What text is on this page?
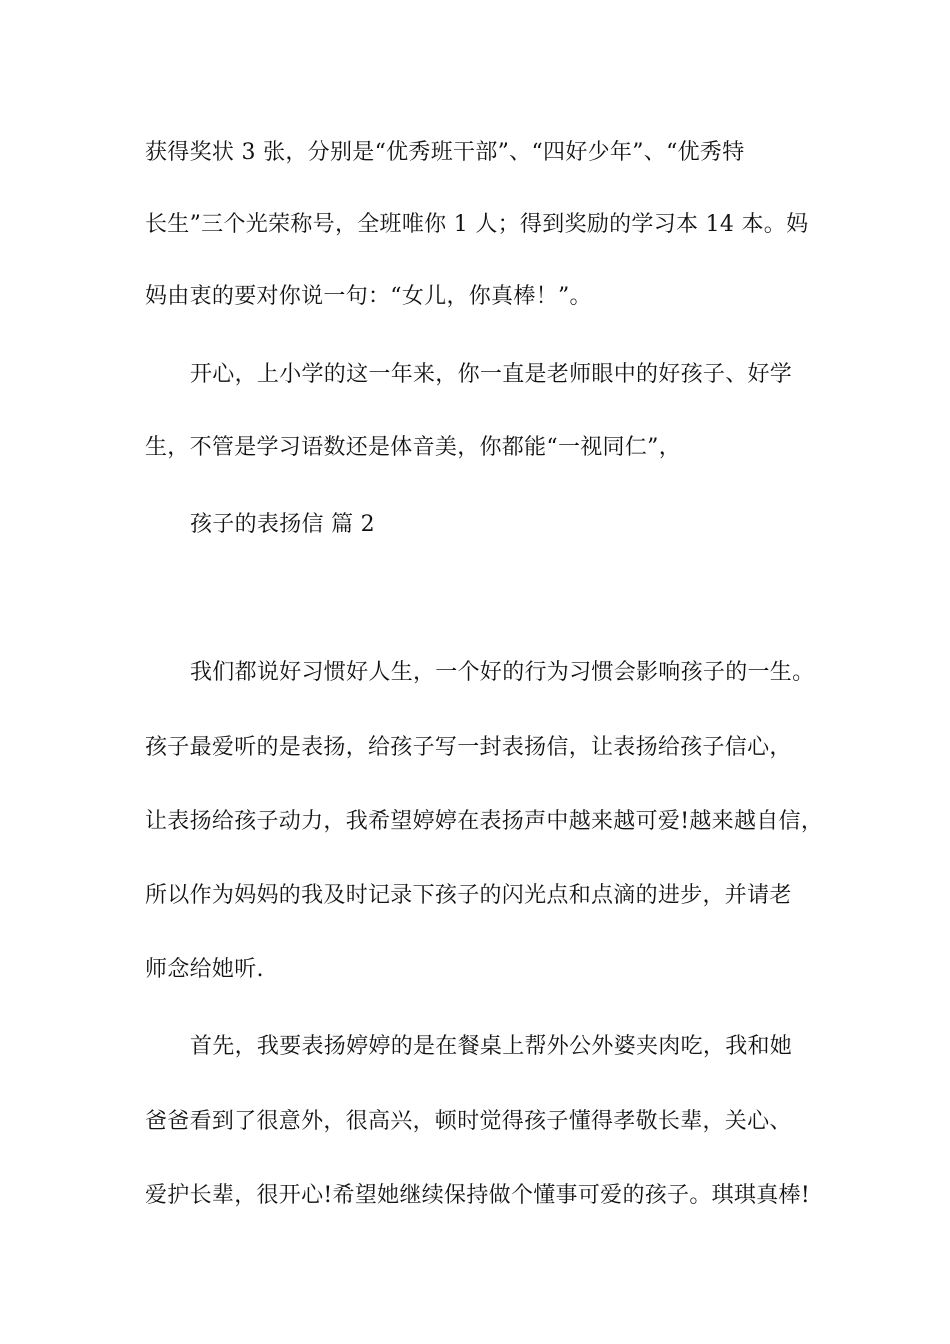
获得奖状 3 张，分别是“优秀班干部”、“四好少年”、“优秀特
长生”三个光荣称号，全班唯你 1 人；得到奖励的学习本 14 本。妈
妈由衷的要对你说一句：“女儿，你真棒！”。
开心，上小学的这一年来，你一直是老师眼中的好孩子、好学
生，不管是学习语数还是体音美，你都能“一视同仁”，
孩子的表扬信 篇 2
我们都说好习惯好人生，一个好的行为习惯会影响孩子的一生。
孩子最爱听的是表扬，给孩子写一封表扬信，让表扬给孩子信心，
让表扬给孩子动力，我希望婷婷在表扬声中越来越可爱!越来越自信，
所以作为妈妈的我及时记录下孩子的闪光点和点滴的进步，并请老
师念给她听.
首先，我要表扬婷婷的是在餐桌上帮外公外婆夹肉吃，我和她
爸爸看到了很意外，很高兴，顿时觉得孩子懂得孝敬长辈，关心、
爱护长辈，很开心!希望她继续保持做个懂事可爱的孩子。琪琪真棒!
